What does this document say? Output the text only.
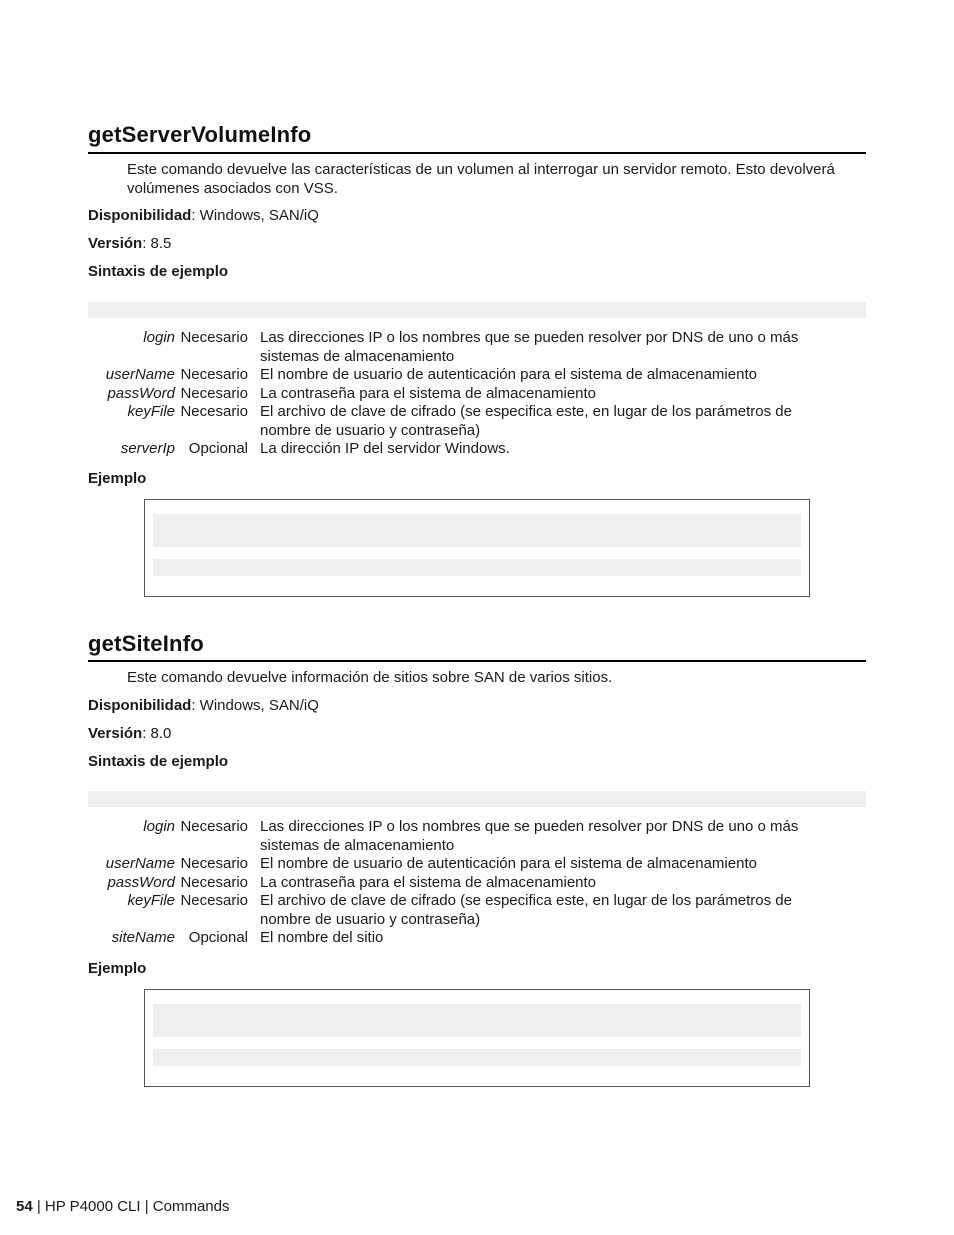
getServerVolumeInfo
Este comando devuelve las características de un volumen al interrogar un servidor remoto. Esto devolverá volúmenes asociados con VSS.
Disponibilidad: Windows, SAN/iQ
Versión: 8.5
Sintaxis de ejemplo
login Necesario Las direcciones IP o los nombres que se pueden resolver por DNS de uno o más sistemas de almacenamiento
userName Necesario El nombre de usuario de autenticación para el sistema de almacenamiento
passWord Necesario La contraseña para el sistema de almacenamiento
keyFile Necesario El archivo de clave de cifrado (se especifica este, en lugar de los parámetros de nombre de usuario y contraseña)
serverIp Opcional La dirección IP del servidor Windows.
Ejemplo
getSiteInfo
Este comando devuelve información de sitios sobre SAN de varios sitios.
Disponibilidad: Windows, SAN/iQ
Versión: 8.0
Sintaxis de ejemplo
login Necesario Las direcciones IP o los nombres que se pueden resolver por DNS de uno o más sistemas de almacenamiento
userName Necesario El nombre de usuario de autenticación para el sistema de almacenamiento
passWord Necesario La contraseña para el sistema de almacenamiento
keyFile Necesario El archivo de clave de cifrado (se especifica este, en lugar de los parámetros de nombre de usuario y contraseña)
siteName Opcional El nombre del sitio
Ejemplo
54 | HP P4000 CLI | Commands
